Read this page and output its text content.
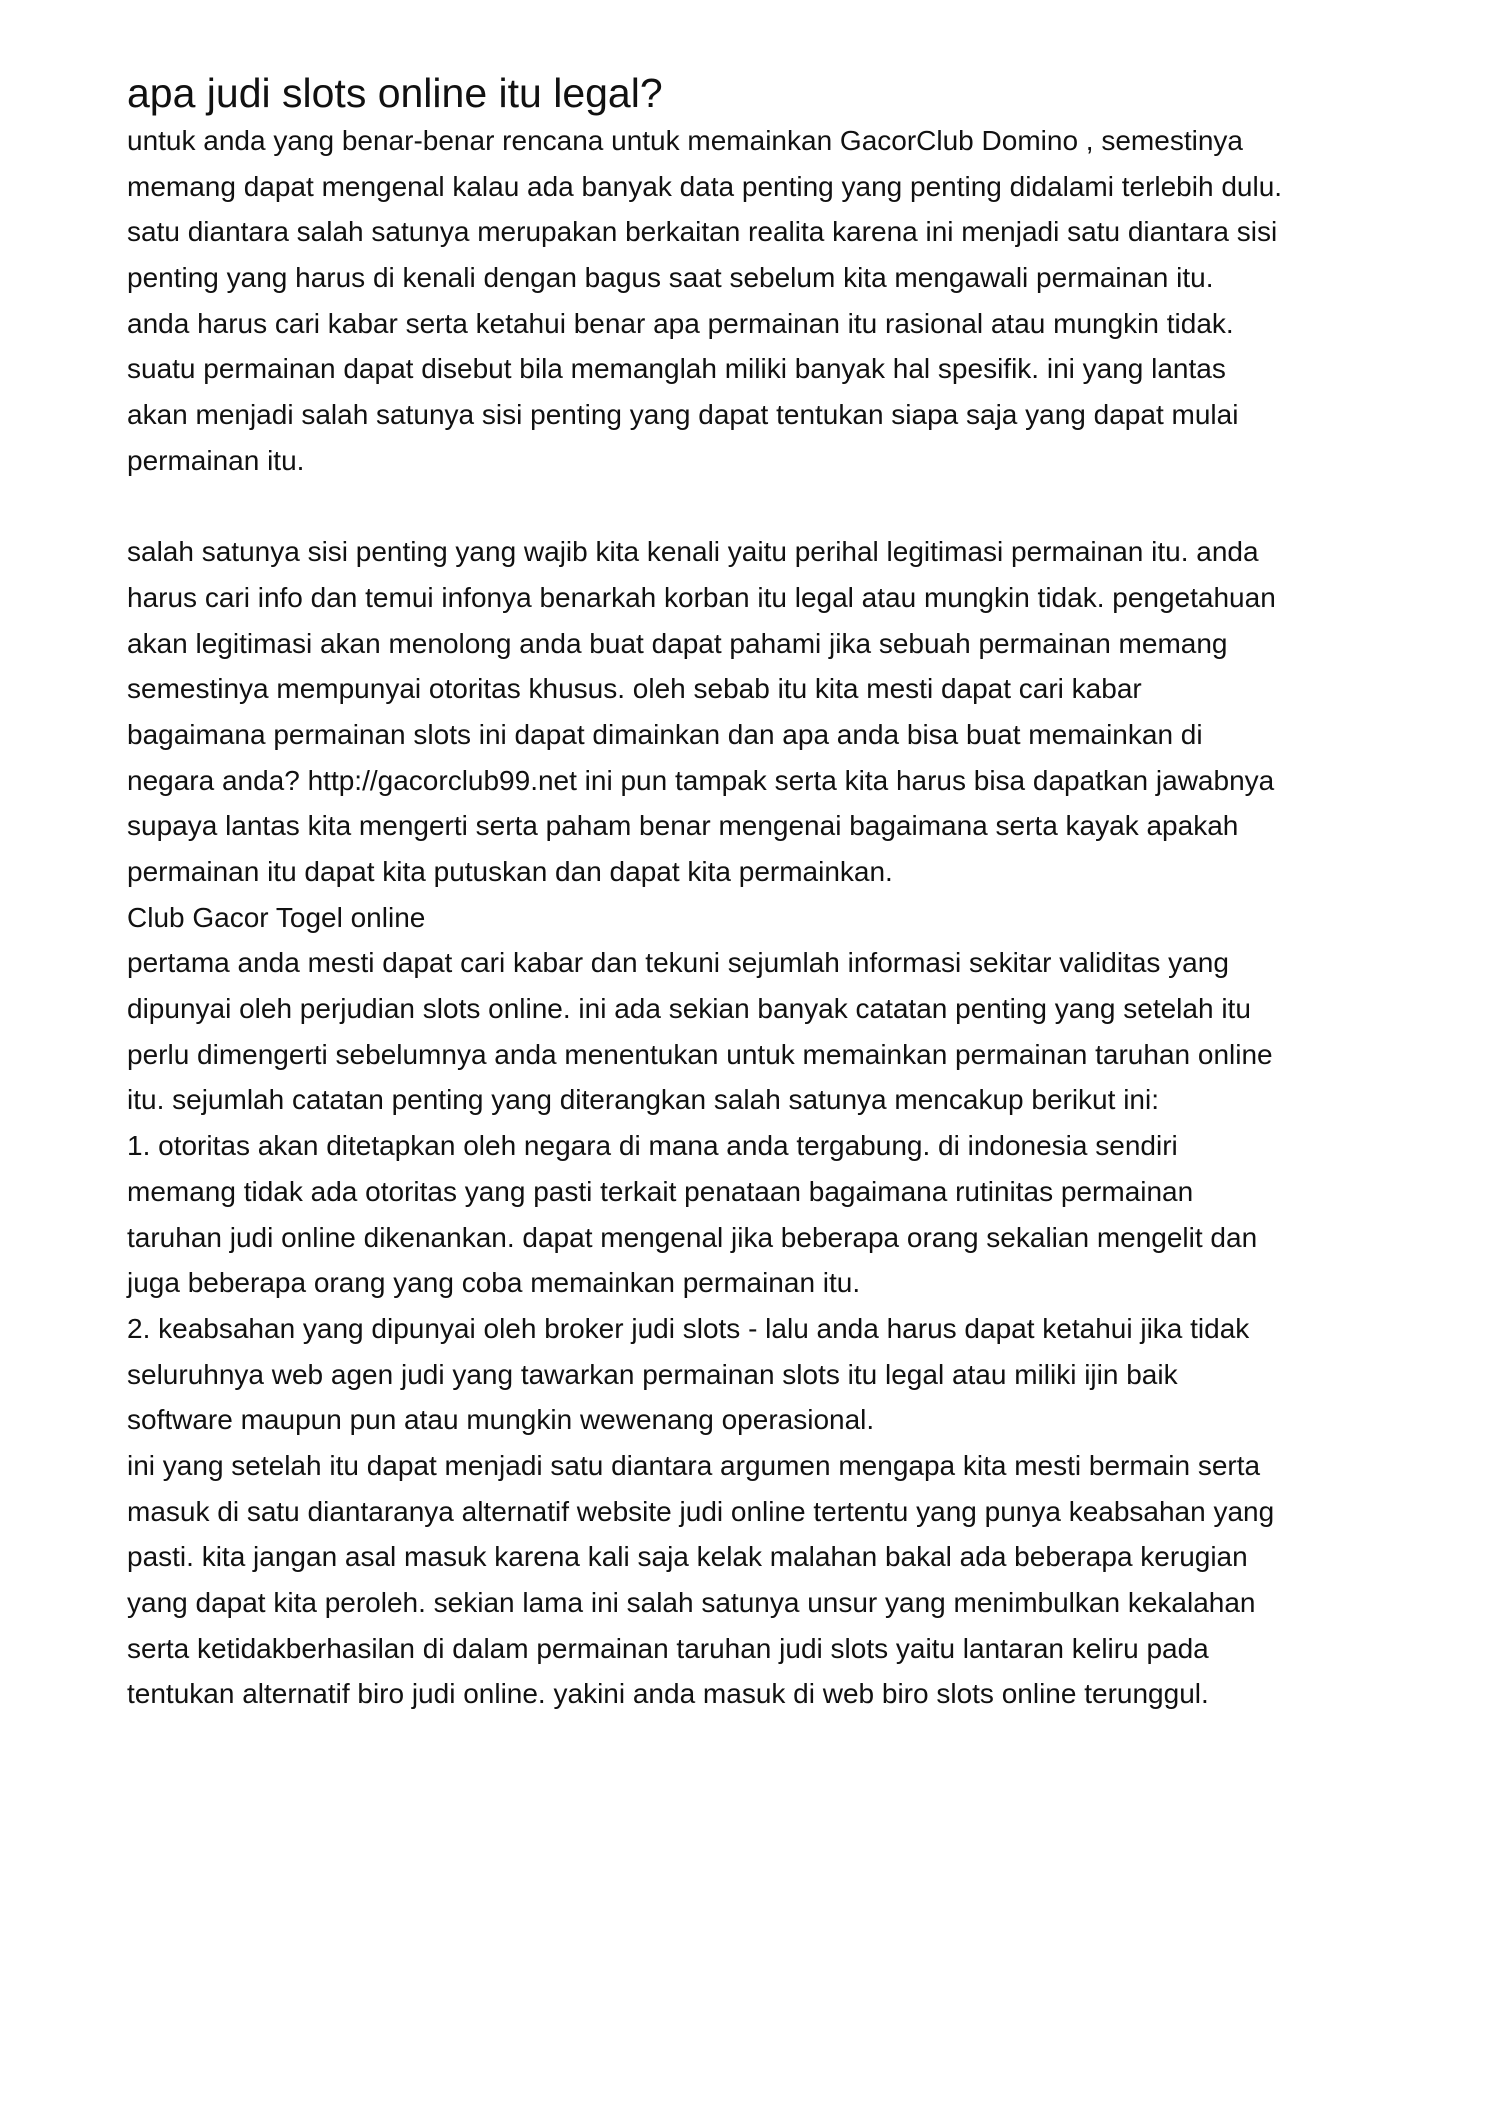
apa judi slots online itu legal?
untuk anda yang benar-benar rencana untuk memainkan GacorClub Domino , semestinya
memang dapat mengenal kalau ada banyak data penting yang penting didalami terlebih dulu.
satu diantara salah satunya merupakan berkaitan realita karena ini menjadi satu diantara sisi
penting yang harus di kenali dengan bagus saat sebelum kita mengawali permainan itu.
anda harus cari kabar serta ketahui benar apa permainan itu rasional atau mungkin tidak.
suatu permainan dapat disebut bila memanglah miliki banyak hal spesifik. ini yang lantas
akan menjadi salah satunya sisi penting yang dapat tentukan siapa saja yang dapat mulai
permainan itu.
salah satunya sisi penting yang wajib kita kenali yaitu perihal legitimasi permainan itu. anda
harus cari info dan temui infonya benarkah korban itu legal atau mungkin tidak. pengetahuan
akan legitimasi akan menolong anda buat dapat pahami jika sebuah permainan memang
semestinya mempunyai otoritas khusus. oleh sebab itu kita mesti dapat cari kabar
bagaimana permainan slots ini dapat dimainkan dan apa anda bisa buat memainkan di
negara anda? http://gacorclub99.net ini pun tampak serta kita harus bisa dapatkan jawabnya
supaya lantas kita mengerti serta paham benar mengenai bagaimana serta kayak apakah
permainan itu dapat kita putuskan dan dapat kita permainkan.
Club Gacor Togel online
pertama anda mesti dapat cari kabar dan tekuni sejumlah informasi sekitar validitas yang
dipunyai oleh perjudian slots online. ini ada sekian banyak catatan penting yang setelah itu
perlu dimengerti sebelumnya anda menentukan untuk memainkan permainan taruhan online
itu. sejumlah catatan penting yang diterangkan salah satunya mencakup berikut ini:
1. otoritas akan ditetapkan oleh negara di mana anda tergabung. di indonesia sendiri
memang tidak ada otoritas yang pasti terkait penataan bagaimana rutinitas permainan
taruhan judi online dikenankan. dapat mengenal jika beberapa orang sekalian mengelit dan
juga beberapa orang yang coba memainkan permainan itu.
2. keabsahan yang dipunyai oleh broker judi slots - lalu anda harus dapat ketahui jika tidak
seluruhnya web agen judi yang tawarkan permainan slots itu legal atau miliki ijin baik
software maupun pun atau mungkin wewenang operasional.
ini yang setelah itu dapat menjadi satu diantara argumen mengapa kita mesti bermain serta
masuk di satu diantaranya alternatif website judi online tertentu yang punya keabsahan yang
pasti. kita jangan asal masuk karena kali saja kelak malahan bakal ada beberapa kerugian
yang dapat kita peroleh. sekian lama ini salah satunya unsur yang menimbulkan kekalahan
serta ketidakberhasilan di dalam permainan taruhan judi slots yaitu lantaran keliru pada
tentukan alternatif biro judi online. yakini anda masuk di web biro slots online terunggul.
